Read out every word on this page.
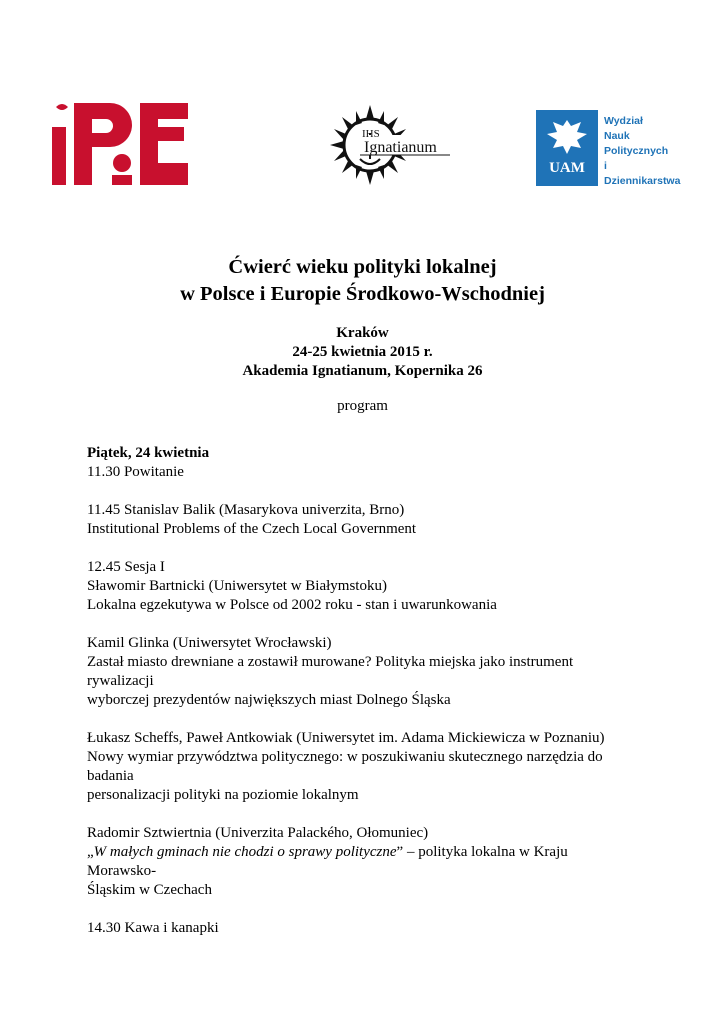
IHS
Ignatianum
UAM
Wydział
Nauk Politycznych
i Dziennikarstwa
Ćwierć wieku polityki lokalnej
w Polsce i Europie Środkowo-Wschodniej
Kraków
24-25 kwietnia 2015 r.
Akademia Ignatianum, Kopernika 26
program
Piątek, 24 kwietnia
11.30 Powitanie
11.45 Stanislav Balik (Masarykova univerzita, Brno)
Institutional Problems of the Czech Local Government
12.45 Sesja I
Sławomir Bartnicki (Uniwersytet w Białymstoku)
Lokalna egzekutywa w Polsce od 2002 roku - stan i uwarunkowania
Kamil Glinka (Uniwersytet Wrocławski)
Zastał miasto drewniane a zostawił murowane? Polityka miejska jako instrument rywalizacji
wyborczej prezydentów największych miast Dolnego Śląska
Łukasz Scheffs, Paweł Antkowiak (Uniwersytet im. Adama Mickiewicza w Poznaniu)
Nowy wymiar przywództwa politycznego: w poszukiwaniu skutecznego narzędzia do badania
personalizacji polityki na poziomie lokalnym
Radomir Sztwiertnia (Univerzita Palackého, Ołomuniec)
„W małych gminach nie chodzi o sprawy polityczne” – polityka lokalna w Kraju Morawsko-
Śląskim w Czechach
14.30 Kawa i kanapki
